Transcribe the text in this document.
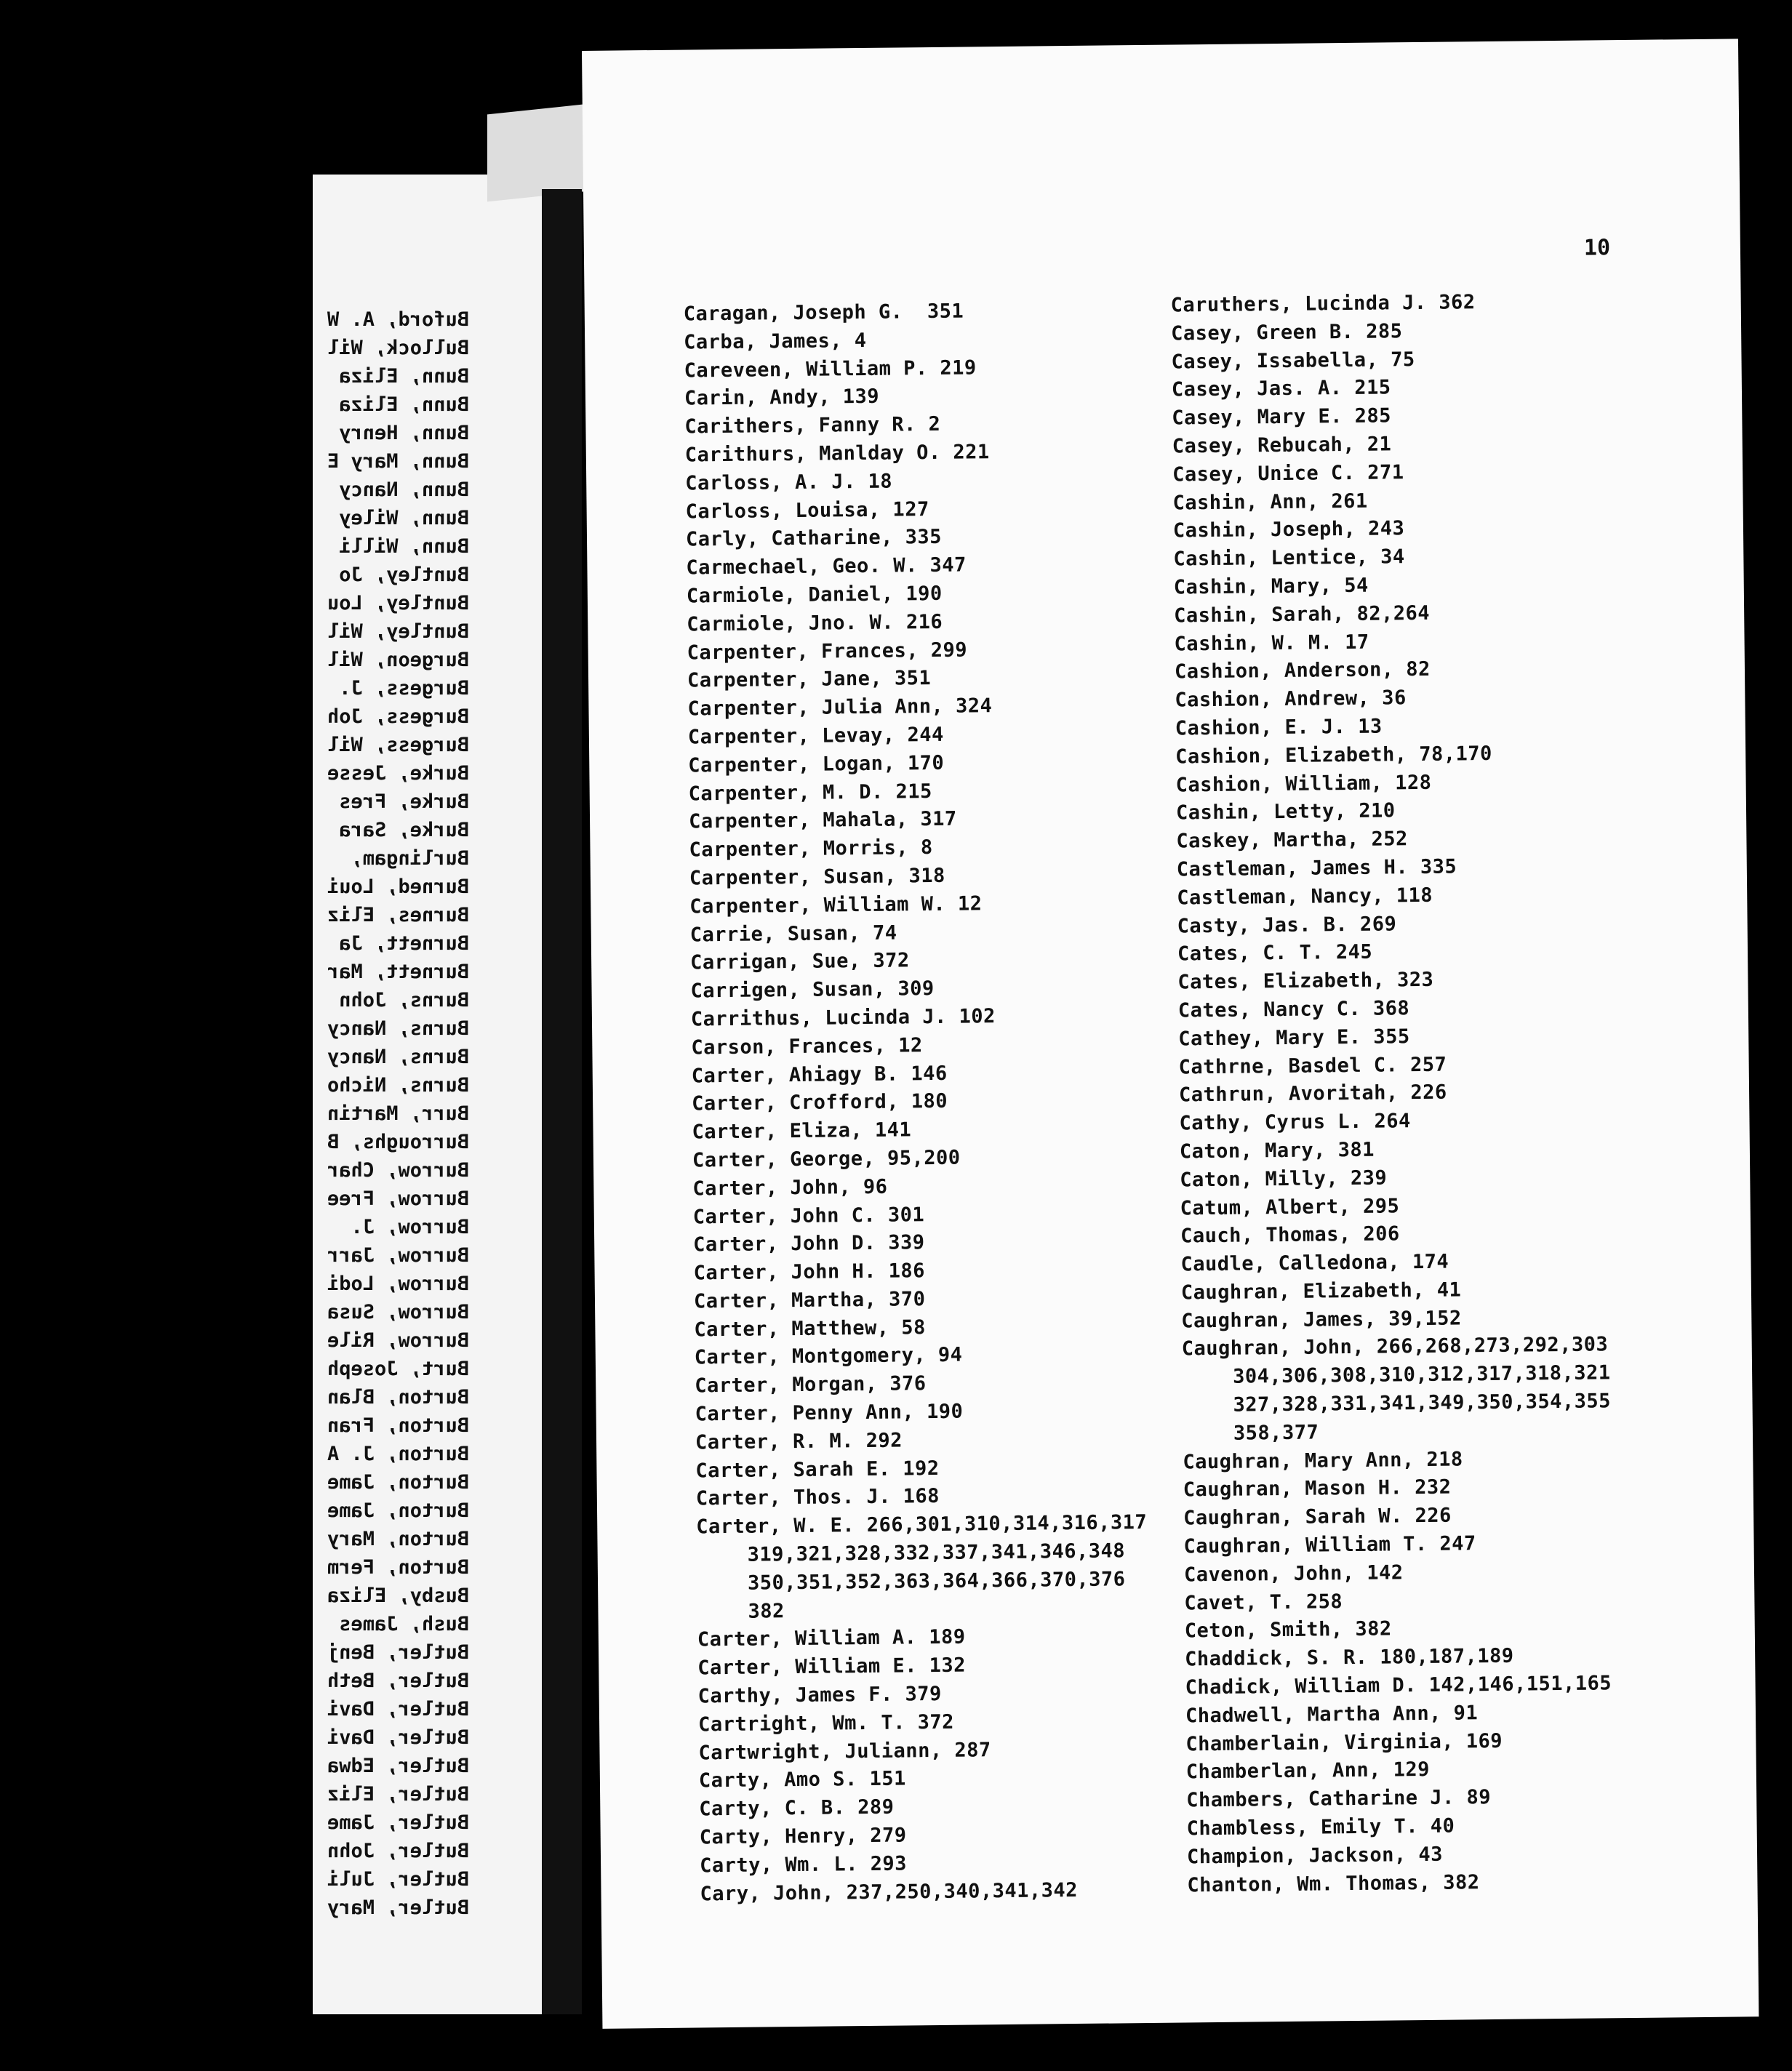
Buford, A. W
Bullock, Wil
Bunn, Eliza
Bunn, Eliza
Bunn, Henry
Bunn, Mary E
Bunn, Nancy
Bunn, Wiley
Bunn, Willi
Buntley, Jo
Buntley, Lou
Buntley, Wil
Burgeon, Wil
Burgess, J.
Burgess, Joh
Burgess, Wil
Burke, Jesse
Burke, Fres
Burke, Sara
Burlingam,
Burned, Loui
Burnes, Eliz
Burnett, Ja
Burnett, Mar
Burns, John
Burns, Nancy
Burns, Nancy
Burns, Nicho
Burr, Martin
Burroughs, B
Burrow, Char
Burrow, Free
Burrow, J.
Burrow, Jarr
Burrow, Lodi
Burrow, Susa
Burrow, Rile
Burt, Joseph
Burton, Blan
Burton, Fran
Burton, J. A
Burton, Jame
Burton, Jame
Burton, Mary
Burton, Ferm
Busby, Eliza
Bush, James
Butler, Benj
Butler, Beth
Butler, Davi
Butler, Davi
Butler, Edwa
Butler, Eliz
Butler, Jame
Butler, John
Butler, Juli
Butler, Mary
10
Caragan, Joseph G.  351
Carba, James, 4
Careveen, William P. 219
Carin, Andy, 139
Carithers, Fanny R. 2
Carithurs, Manlday O. 221
Carloss, A. J. 18
Carloss, Louisa, 127
Carly, Catharine, 335
Carmechael, Geo. W. 347
Carmiole, Daniel, 190
Carmiole, Jno. W. 216
Carpenter, Frances, 299
Carpenter, Jane, 351
Carpenter, Julia Ann, 324
Carpenter, Levay, 244
Carpenter, Logan, 170
Carpenter, M. D. 215
Carpenter, Mahala, 317
Carpenter, Morris, 8
Carpenter, Susan, 318
Carpenter, William W. 12
Carrie, Susan, 74
Carrigan, Sue, 372
Carrigen, Susan, 309
Carrithus, Lucinda J. 102
Carson, Frances, 12
Carter, Ahiagy B. 146
Carter, Crofford, 180
Carter, Eliza, 141
Carter, George, 95,200
Carter, John, 96
Carter, John C. 301
Carter, John D. 339
Carter, John H. 186
Carter, Martha, 370
Carter, Matthew, 58
Carter, Montgomery, 94
Carter, Morgan, 376
Carter, Penny Ann, 190
Carter, R. M. 292
Carter, Sarah E. 192
Carter, Thos. J. 168
Carter, W. E. 266,301,310,314,316,317
319,321,328,332,337,341,346,348
350,351,352,363,364,366,370,376
382
Carter, William A. 189
Carter, William E. 132
Carthy, James F. 379
Cartright, Wm. T. 372
Cartwright, Juliann, 287
Carty, Amo S. 151
Carty, C. B. 289
Carty, Henry, 279
Carty, Wm. L. 293
Cary, John, 237,250,340,341,342
Caruthers, Lucinda J. 362
Casey, Green B. 285
Casey, Issabella, 75
Casey, Jas. A. 215
Casey, Mary E. 285
Casey, Rebucah, 21
Casey, Unice C. 271
Cashin, Ann, 261
Cashin, Joseph, 243
Cashin, Lentice, 34
Cashin, Mary, 54
Cashin, Sarah, 82,264
Cashin, W. M. 17
Cashion, Anderson, 82
Cashion, Andrew, 36
Cashion, E. J. 13
Cashion, Elizabeth, 78,170
Cashion, William, 128
Cashin, Letty, 210
Caskey, Martha, 252
Castleman, James H. 335
Castleman, Nancy, 118
Casty, Jas. B. 269
Cates, C. T. 245
Cates, Elizabeth, 323
Cates, Nancy C. 368
Cathey, Mary E. 355
Cathrne, Basdel C. 257
Cathrun, Avoritah, 226
Cathy, Cyrus L. 264
Caton, Mary, 381
Caton, Milly, 239
Catum, Albert, 295
Cauch, Thomas, 206
Caudle, Calledona, 174
Caughran, Elizabeth, 41
Caughran, James, 39,152
Caughran, John, 266,268,273,292,303
304,306,308,310,312,317,318,321
327,328,331,341,349,350,354,355
358,377
Caughran, Mary Ann, 218
Caughran, Mason H. 232
Caughran, Sarah W. 226
Caughran, William T. 247
Cavenon, John, 142
Cavet, T. 258
Ceton, Smith, 382
Chaddick, S. R. 180,187,189
Chadick, William D. 142,146,151,165
Chadwell, Martha Ann, 91
Chamberlain, Virginia, 169
Chamberlan, Ann, 129
Chambers, Catharine J. 89
Chambless, Emily T. 40
Champion, Jackson, 43
Chanton, Wm. Thomas, 382
